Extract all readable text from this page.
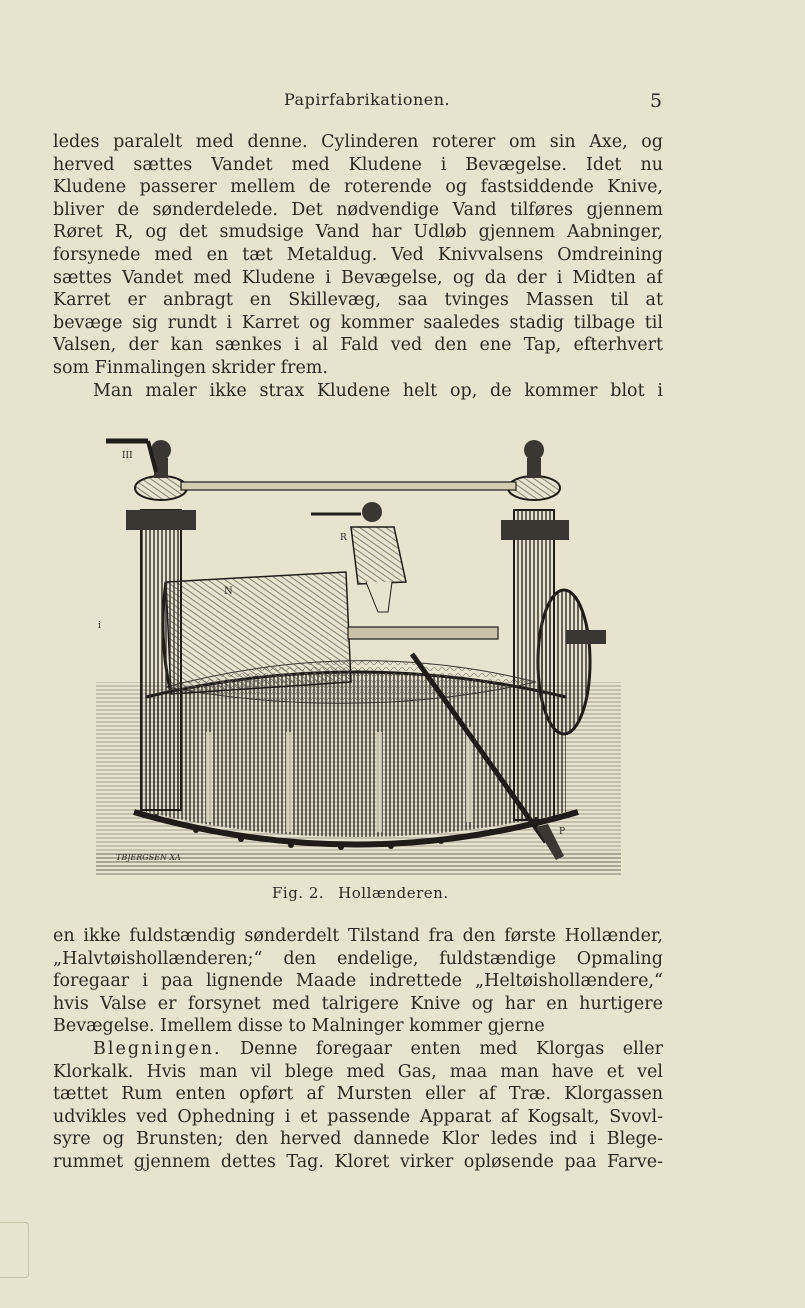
Papirfabrikationen.	5
ledes paralelt med denne. Cylinderen roterer om sin Axe, og
herved sættes Vandet med Kludene i Bevægelse. Idet nu
Kludene passerer mellem de roterende og fastsiddende Knive,
bliver de sønderdelede. Det nødvendige Vand tilføres gjennem
Røret R, og det smudsige Vand har Udløb gjennem Aabninger,
forsynede med en tæt Metaldug. Ved Knivvalsens Omdreining
sættes Vandet med Kludene i Bevægelse, og da der i Midten af
Karret er anbragt en Skillevæg, saa tvinges Massen til at
bevæge sig rundt i Karret og kommer saaledes stadig tilbage til
Valsen, der kan sænkes i al Fald ved den ene Tap, efterhvert
som Finmalingen skrider frem.
Man maler ikke strax Kludene helt op, de kommer blot i
N
III
R
P
i
TBJERGSEN XA
Fig. 2. Hollænderen.
en ikke fuldstændig sønderdelt Tilstand fra den første Hollænder,
„Halvtøishollænderen;“ den endelige, fuldstændige Opmaling
foregaar i paa lignende Maade indrettede „Heltøishollændere,“
hvis Valse er forsynet med talrigere Knive og har en hurtigere
Bevægelse. Imellem disse to Malninger kommer gjerne
Blegningen. Denne foregaar enten med Klorgas eller
Klorkalk. Hvis man vil blege med Gas, maa man have et vel
tættet Rum enten opført af Mursten eller af Træ. Klorgassen
udvikles ved Ophedning i et passende Apparat af Kogsalt, Svovl-
syre og Brunsten; den herved dannede Klor ledes ind i Blege-
rummet gjennem dettes Tag. Kloret virker opløsende paa Farve-
